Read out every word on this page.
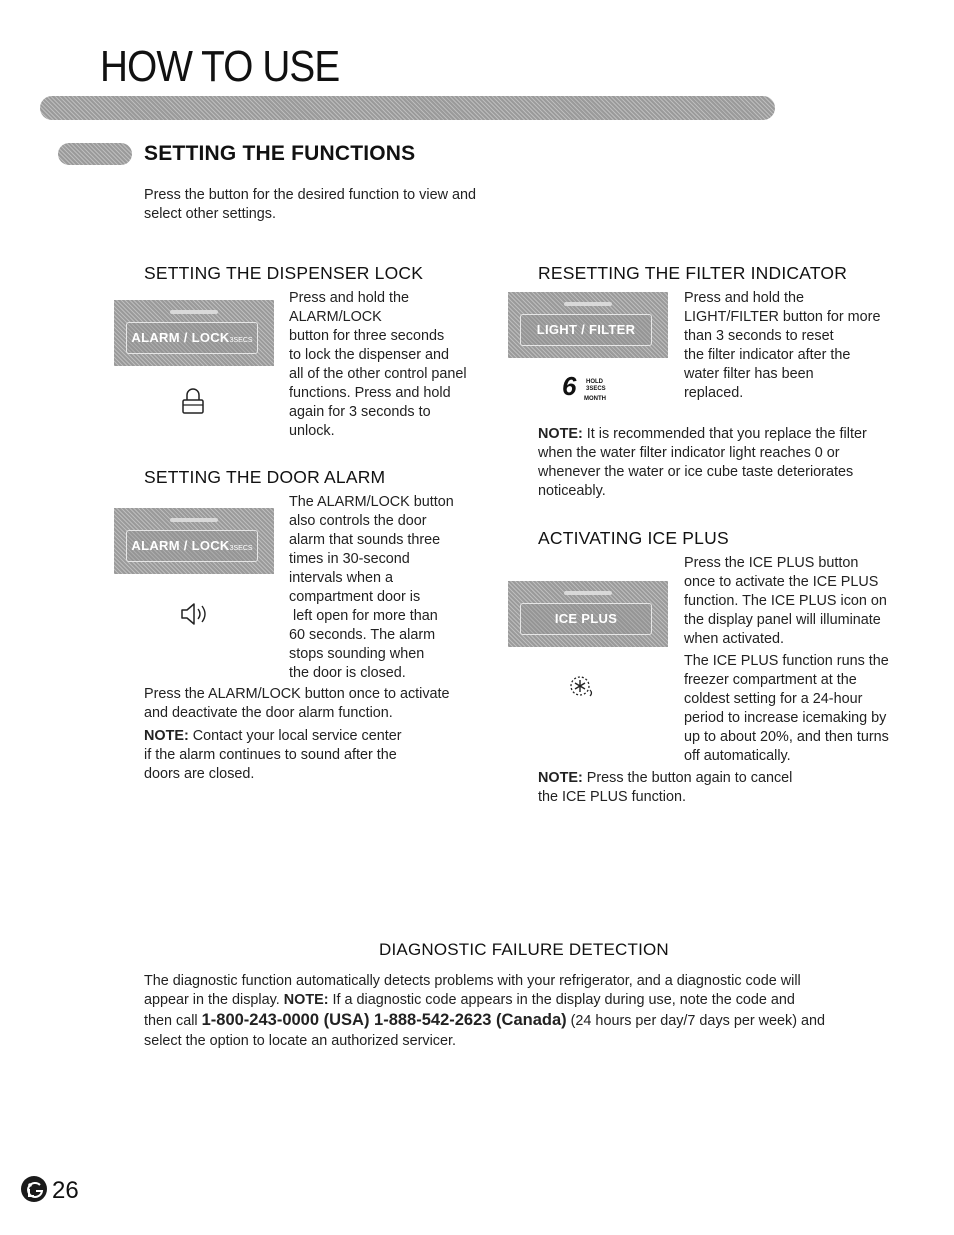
HOW TO USE
SETTING THE FUNCTIONS

Press the button for the desired function to view and

select other settings.

SETTING THE DISPENSER LOCK
ALARM / LOCK3SECS

Press and hold the

ALARM/LOCK

button for three seconds

to lock the dispenser and

all of the other control panel

functions. Press and hold

again for 3 seconds to

unlock.

SETTING THE DOOR ALARM
ALARM / LOCK3SECS

The ALARM/LOCK button

also controls the door

alarm that sounds three

times in 30-second

intervals when a

compartment door is

left open for more than

60 seconds. The alarm

stops sounding when

the door is closed.

Press the ALARM/LOCK button once to activate

and deactivate the door alarm function.

NOTE: Contact your local service center

if the alarm continues to sound after the

doors are closed.

RESETTING THE FILTER INDICATOR
LIGHT / FILTER
6 HOLD
3SECS
MONTH

Press and hold the

LIGHT/FILTER button for more

than 3 seconds to reset

the filter indicator after the

water filter has been

replaced.

NOTE: It is recommended that you replace the filter

when the water filter indicator light reaches 0 or

whenever the water or ice cube taste deteriorates

noticeably.

ACTIVATING ICE PLUS
ICE PLUS

Press the ICE PLUS button

once to activate the ICE PLUS

function. The ICE PLUS icon on

the display panel will illuminate

when activated.

The ICE PLUS function runs the

freezer compartment at the

coldest setting for a 24-hour

period to increase icemaking by

up to about 20%, and then turns

off automatically.

NOTE: Press the button again to cancel

the ICE PLUS function.

DIAGNOSTIC FAILURE DETECTION

The diagnostic function automatically detects problems with your refrigerator, and a diagnostic code will

appear in the display. NOTE: If a diagnostic code appears in the display during use, note the code and

then call 1-800-243-0000 (USA) 1-888-542-2623 (Canada) (24 hours per day/7 days per week) and

select the option to locate an authorized servicer.

26
